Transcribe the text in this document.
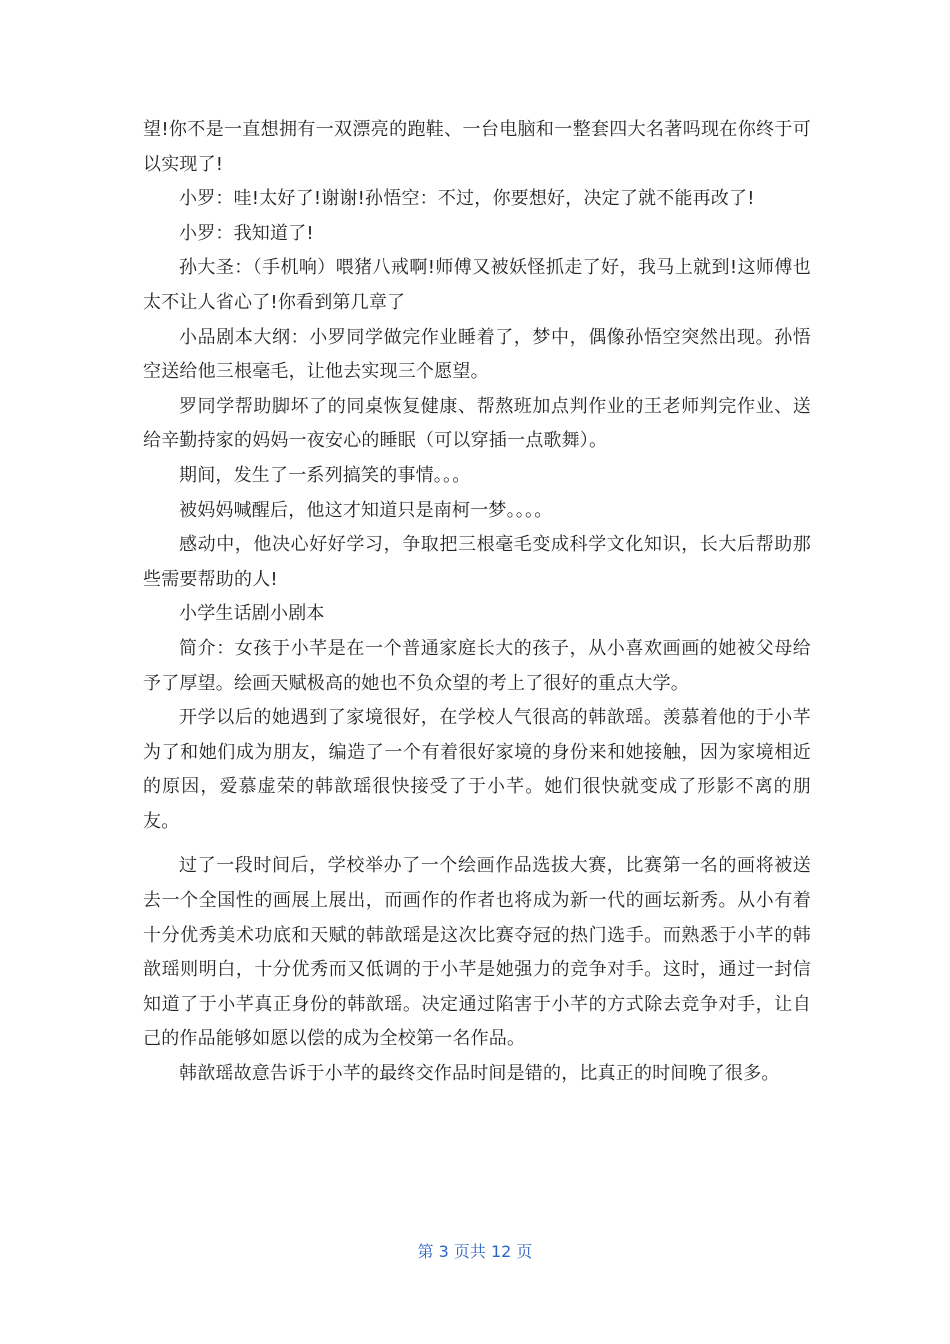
望!你不是一直想拥有一双漂亮的跑鞋、一台电脑和一整套四大名著吗现在你终于可以实现了!

小罗：哇!太好了!谢谢!孙悟空：不过，你要想好，决定了就不能再改了!

小罗：我知道了!

孙大圣：（手机响）喂猪八戒啊!师傅又被妖怪抓走了好，我马上就到!这师傅也太不让人省心了!你看到第几章了

小品剧本大纲：小罗同学做完作业睡着了，梦中，偶像孙悟空突然出现。孙悟空送给他三根毫毛，让他去实现三个愿望。

罗同学帮助脚坏了的同桌恢复健康、帮熬班加点判作业的王老师判完作业、送给辛勤持家的妈妈一夜安心的睡眠（可以穿插一点歌舞）。

期间，发生了一系列搞笑的事情。。。

被妈妈喊醒后，他这才知道只是南柯一梦。。。。

感动中，他决心好好学习，争取把三根毫毛变成科学文化知识，长大后帮助那些需要帮助的人!

小学生话剧小剧本

简介：女孩于小芊是在一个普通家庭长大的孩子，从小喜欢画画的她被父母给予了厚望。绘画天赋极高的她也不负众望的考上了很好的重点大学。

开学以后的她遇到了家境很好，在学校人气很高的韩歆瑶。羡慕着他的于小芊为了和她们成为朋友，编造了一个有着很好家境的身份来和她接触，因为家境相近的原因，爱慕虚荣的韩歆瑶很快接受了于小芊。她们很快就变成了形影不离的朋友。

过了一段时间后，学校举办了一个绘画作品选拔大赛，比赛第一名的画将被送去一个全国性的画展上展出，而画作的作者也将成为新一代的画坛新秀。从小有着十分优秀美术功底和天赋的韩歆瑶是这次比赛夺冠的热门选手。而熟悉于小芊的韩歆瑶则明白，十分优秀而又低调的于小芊是她强力的竞争对手。这时，通过一封信知道了于小芊真正身份的韩歆瑶。决定通过陷害于小芊的方式除去竞争对手，让自己的作品能够如愿以偿的成为全校第一名作品。

韩歆瑶故意告诉于小芊的最终交作品时间是错的，比真正的时间晚了很多。

第 3 页共 12 页
